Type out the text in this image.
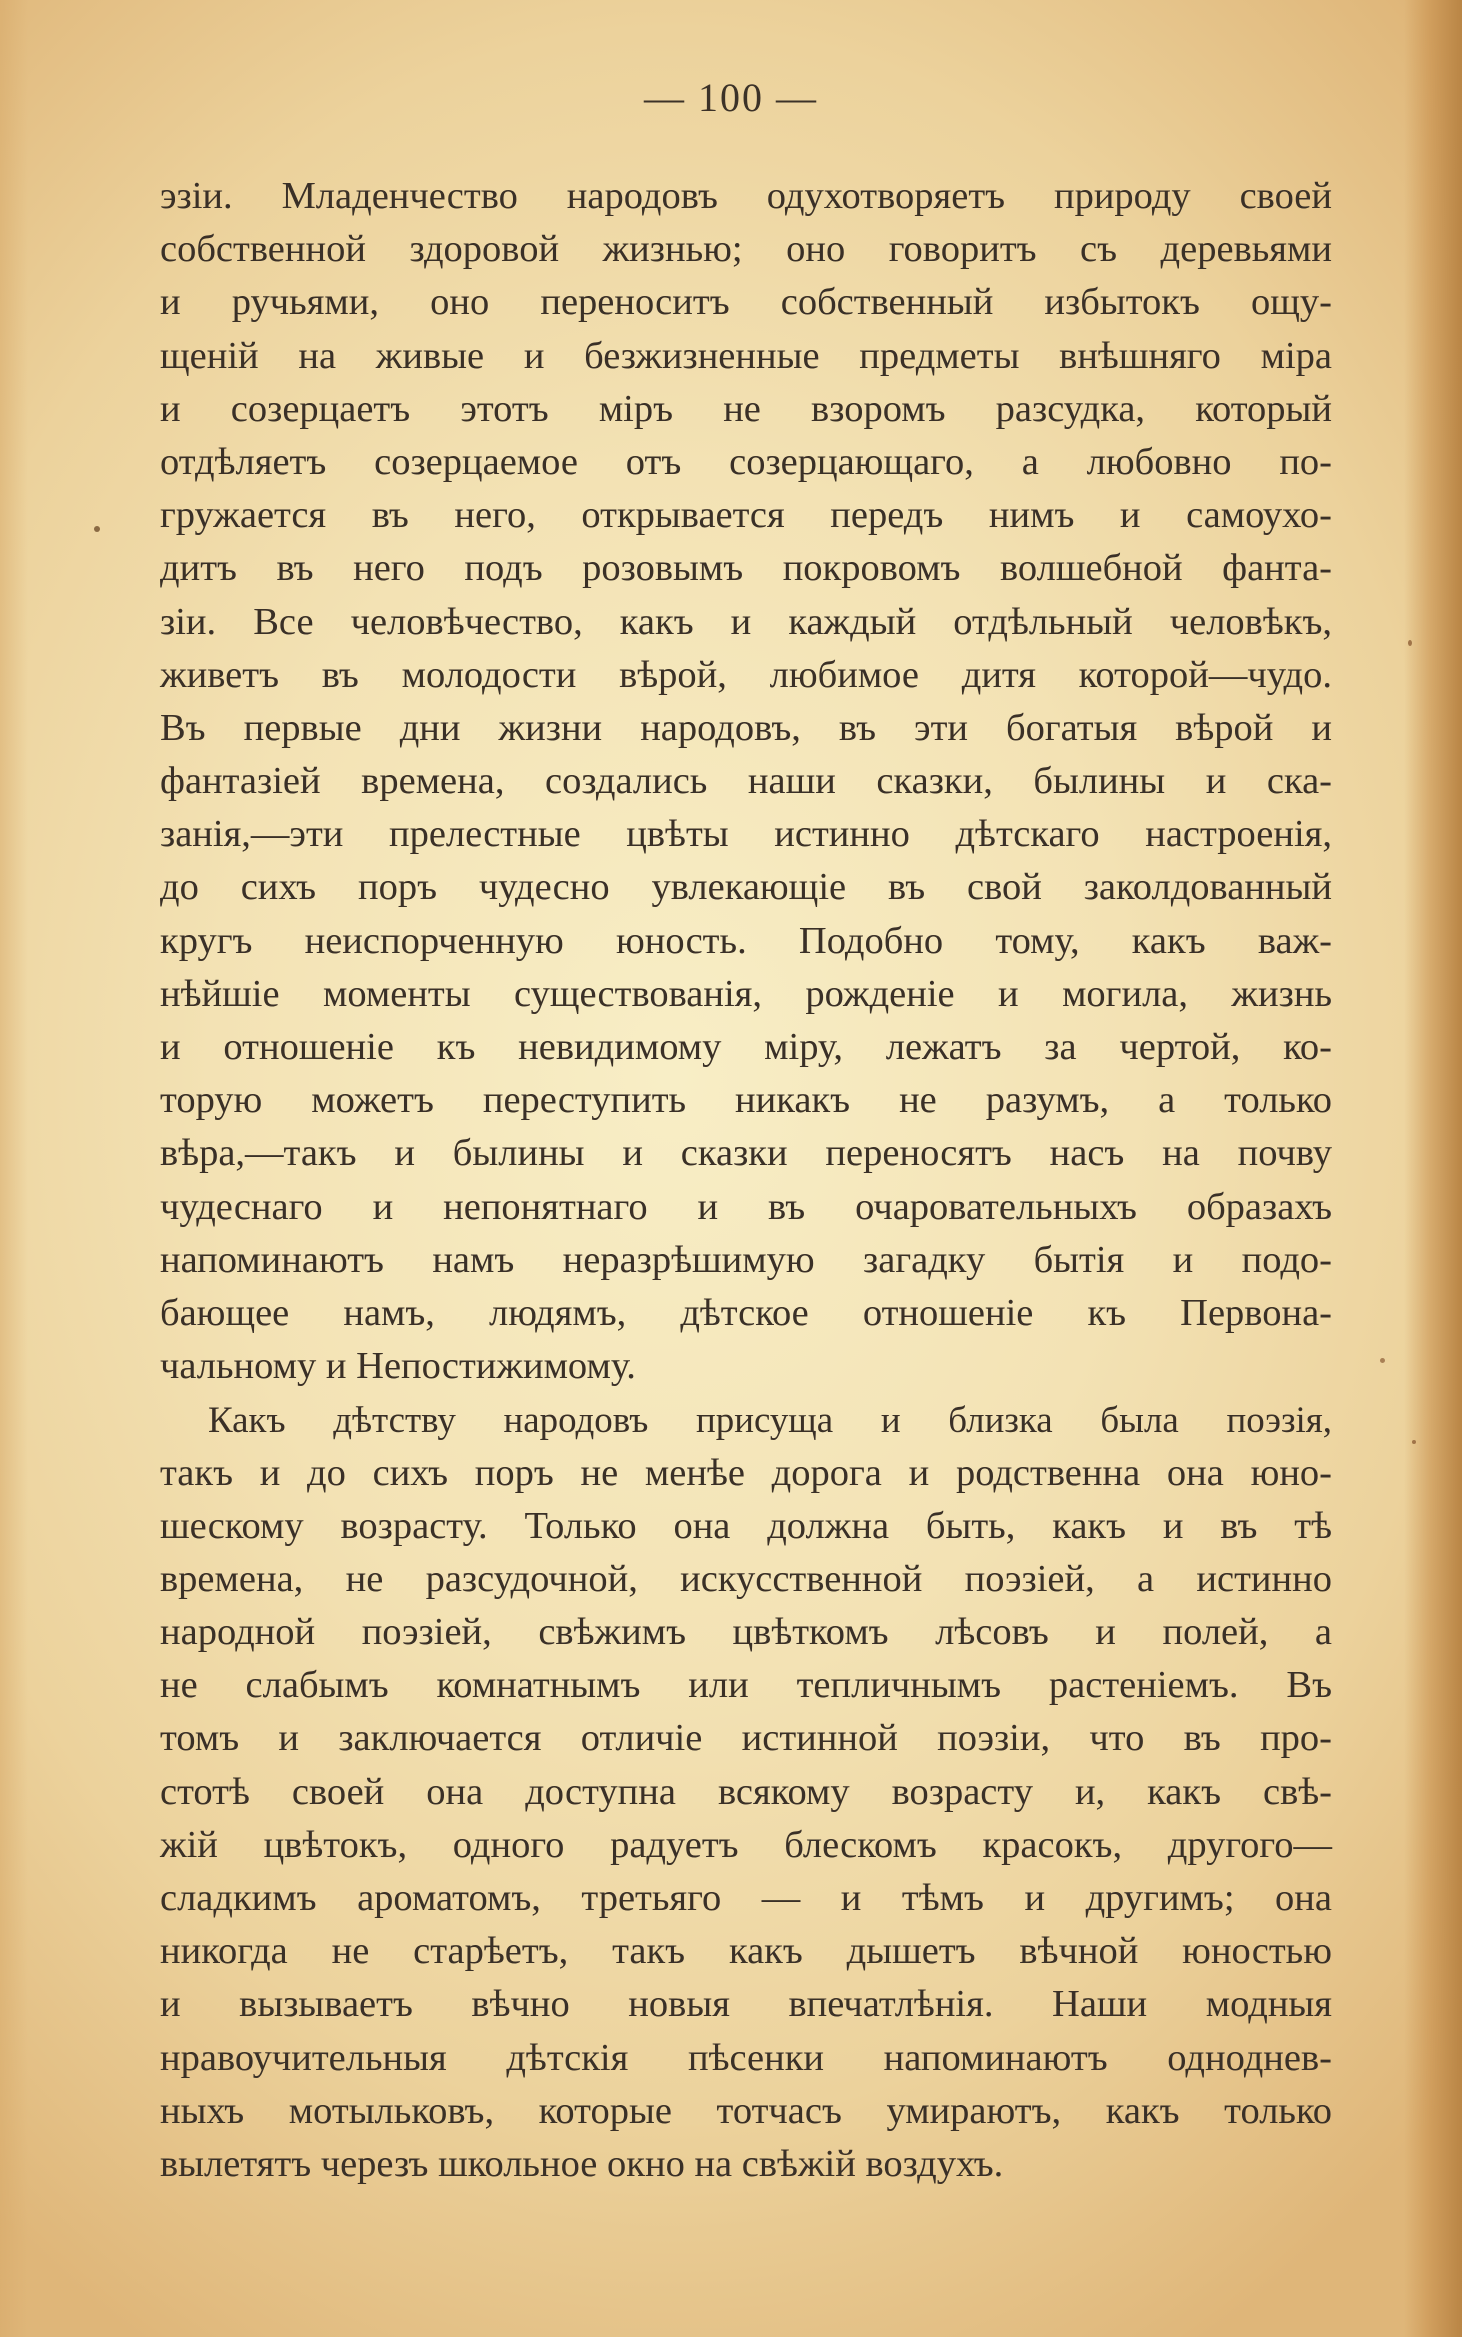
— 100 —
эзіи. Младенчество народовъ одухотворяетъ природу своей
собственной здоровой жизнью; оно говоритъ съ деревьями
и ручьями, оно переноситъ собственный избытокъ ощу-
щеній на живые и безжизненные предметы внѣшняго міра
и созерцаетъ этотъ міръ не взоромъ разсудка, который
отдѣляетъ созерцаемое отъ созерцающаго, а любовно по-
гружается въ него, открывается передъ нимъ и самоухо-
дитъ въ него подъ розовымъ покровомъ волшебной фанта-
зіи. Все человѣчество, какъ и каждый отдѣльный человѣкъ,
живетъ въ молодости вѣрой, любимое дитя которой—чудо.
Въ первые дни жизни народовъ, въ эти богатыя вѣрой и
фантазіей времена, создались наши сказки, былины и ска-
занія,—эти прелестные цвѣты истинно дѣтскаго настроенія,
до сихъ поръ чудесно увлекающіе въ свой заколдованный
кругъ неиспорченную юность. Подобно тому, какъ важ-
нѣйшіе моменты существованія, рожденіе и могила, жизнь
и отношеніе къ невидимому міру, лежатъ за чертой, ко-
торую можетъ переступить никакъ не разумъ, а только
вѣра,—такъ и былины и сказки переносятъ насъ на почву
чудеснаго и непонятнаго и въ очаровательныхъ образахъ
напоминаютъ намъ неразрѣшимую загадку бытія и подо-
бающее намъ, людямъ, дѣтское отношеніе къ Первона-
чальному и Непостижимому.
Какъ дѣтству народовъ присуща и близка была поэзія,
такъ и до сихъ поръ не менѣе дорога и родственна она юно-
шескому возрасту. Только она должна быть, какъ и въ тѣ
времена, не разсудочной, искусственной поэзіей, а истинно
народной поэзіей, свѣжимъ цвѣткомъ лѣсовъ и полей, а
не слабымъ комнатнымъ или тепличнымъ растеніемъ. Въ
томъ и заключается отличіе истинной поэзіи, что въ про-
стотѣ своей она доступна всякому возрасту и, какъ свѣ-
жій цвѣтокъ, одного радуетъ блескомъ красокъ, другого—
сладкимъ ароматомъ, третьяго — и тѣмъ и другимъ; она
никогда не старѣетъ, такъ какъ дышетъ вѣчной юностью
и вызываетъ вѣчно новыя впечатлѣнія. Наши модныя
нравоучительныя дѣтскія пѣсенки напоминаютъ одноднев-
ныхъ мотыльковъ, которые тотчасъ умираютъ, какъ только
вылетятъ черезъ школьное окно на свѣжій воздухъ.
